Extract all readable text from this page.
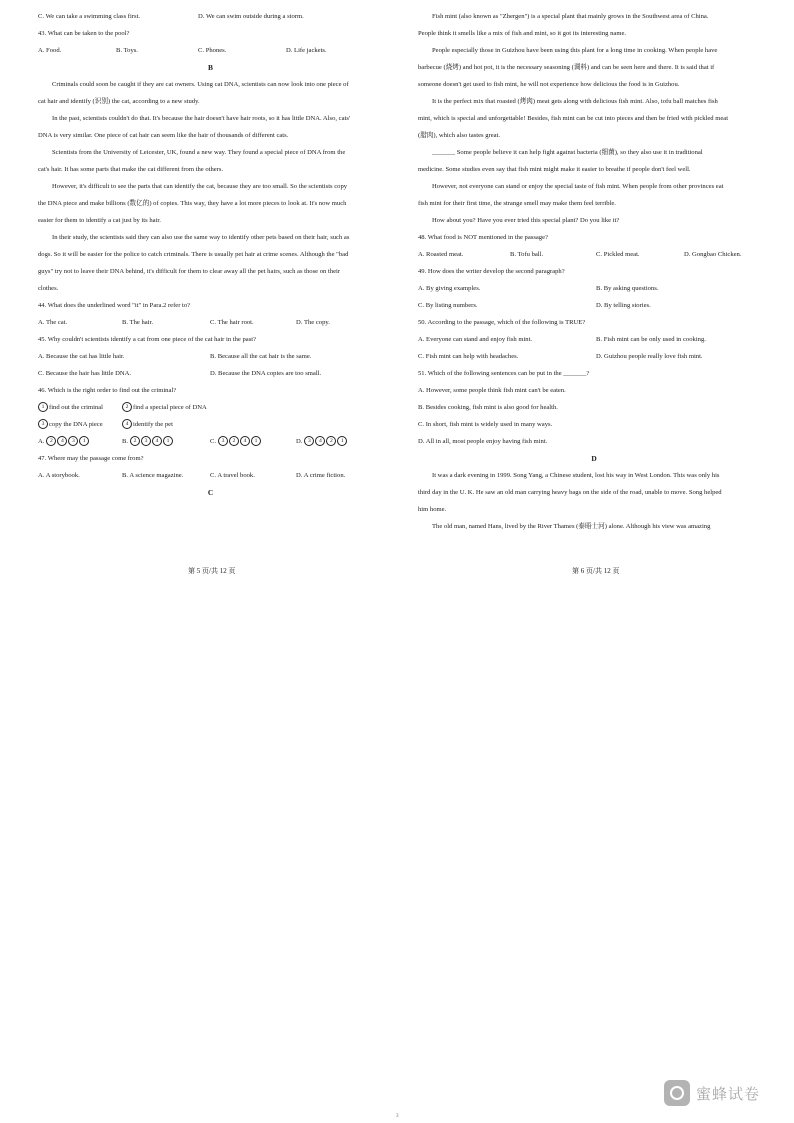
C. We can take a swimming class first.	D. We can swim outside during a storm.
43. What can be taken to the pool?
A. Food.	B. Toys.	C. Phones.	D. Life jackets.
B
Criminals could soon be caught if they are cat owners. Using cat DNA, scientists can now look into one piece of
cat hair and identify (识别) the cat, according to a new study.
In the past, scientists couldn't do that. It's because the hair doesn't have hair roots, so it has little DNA. Also, cats'
DNA is very similar. One piece of cat hair can seem like the hair of thousands of different cats.
Scientists from the University of Leicester, UK, found a new way. They found a special piece of DNA from the
cat's hair. It has some parts that make the cat different from the others.
However, it's difficult to see the parts that can identify the cat, because they are too small. So the scientists copy
the DNA piece and make billions (数亿的) of copies. This way, they have a lot more pieces to look at. It's now much
easier for them to identify a cat just by its hair.
In their study, the scientists said they can also use the same way to identify other pets based on their hair, such as
dogs. So it will be easier for the police to catch criminals. There is usually pet hair at crime scenes. Although the "bad
guys" try not to leave their DNA behind, it's difficult for them to clear away all the pet hairs, such as those on their
clothes.
44. What does the underlined word "it" in Para.2 refer to?
A. The cat.	B. The hair.	C. The hair root.	D. The copy.
45. Why couldn't scientists identify a cat from one piece of the cat hair in the past?
A. Because the cat has little hair.	B. Because all the cat hair is the same.
C. Because the hair has little DNA.	D. Because the DNA copies are too small.
46. Which is the right order to find out the criminal?
1 find out the criminal	2 find a special piece of DNA
3 copy the DNA piece	4 identify the pet
A. 2 4 3 1	B. 2 3 4 1	C. 3 2 4 1	D. 3 4 2 1
47. Where may the passage come from?
A. A storybook.	B. A science magazine.	C. A travel book.	D. A crime fiction.
C
第 5 页/共 12 页
Fish mint (also known as "Zhergen") is a special plant that mainly grows in the Southwest area of China.
People think it smells like a mix of fish and mint, so it got its interesting name.
People especially those in Guizhou have been using this plant for a long time in cooking. When people have
barbecue (烧烤) and hot pot, it is the necessary seasoning (调料) and can be seen here and there. It is said that if
someone doesn't get used to fish mint, he will not experience how delicious the food is in Guizhou.
It is the perfect mix that roasted (烤肉) meat gets along with delicious fish mint. Also, tofu ball matches fish
mint, which is special and unforgettable! Besides, fish mint can be cut into pieces and then be fried with pickled meat
(腊肉), which also tastes great.
_______ Some people believe it can help fight against bacteria (细菌), so they also use it in traditional
medicine. Some studies even say that fish mint might make it easier to breathe if people don't feel well.
However, not everyone can stand or enjoy the special taste of fish mint. When people from other provinces eat
fish mint for their first time, the strange smell may make them feel terrible.
How about you? Have you ever tried this special plant? Do you like it?
48. What food is NOT mentioned in the passage?
A. Roasted meat.	B. Tofu ball.	C. Pickled meat.	D. Gongbao Chicken.
49. How does the writer develop the second paragraph?
A. By giving examples.	B. By asking questions.
C. By listing numbers.	D. By telling stories.
50. According to the passage, which of the following is TRUE?
A. Everyone can stand and enjoy fish mint.	B. Fish mint can be only used in cooking.
C. Fish mint can help with headaches.	D. Guizhou people really love fish mint.
51. Which of the following sentences can be put in the _______?
A. However, some people think fish mint can't be eaten.
B. Besides cooking, fish mint is also good for health.
C. In short, fish mint is widely used in many ways.
D. All in all, most people enjoy having fish mint.
D
It was a dark evening in 1999. Song Yang, a Chinese student, lost his way in West London. This was only his
third day in the U. K. He saw an old man carrying heavy bags on the side of the road, unable to move. Song helped
him home.
The old man, named Hans, lived by the River Thames (泰晤士河) alone. Although his view was amazing
第 6 页/共 12 页
蜜蜂试卷
3
